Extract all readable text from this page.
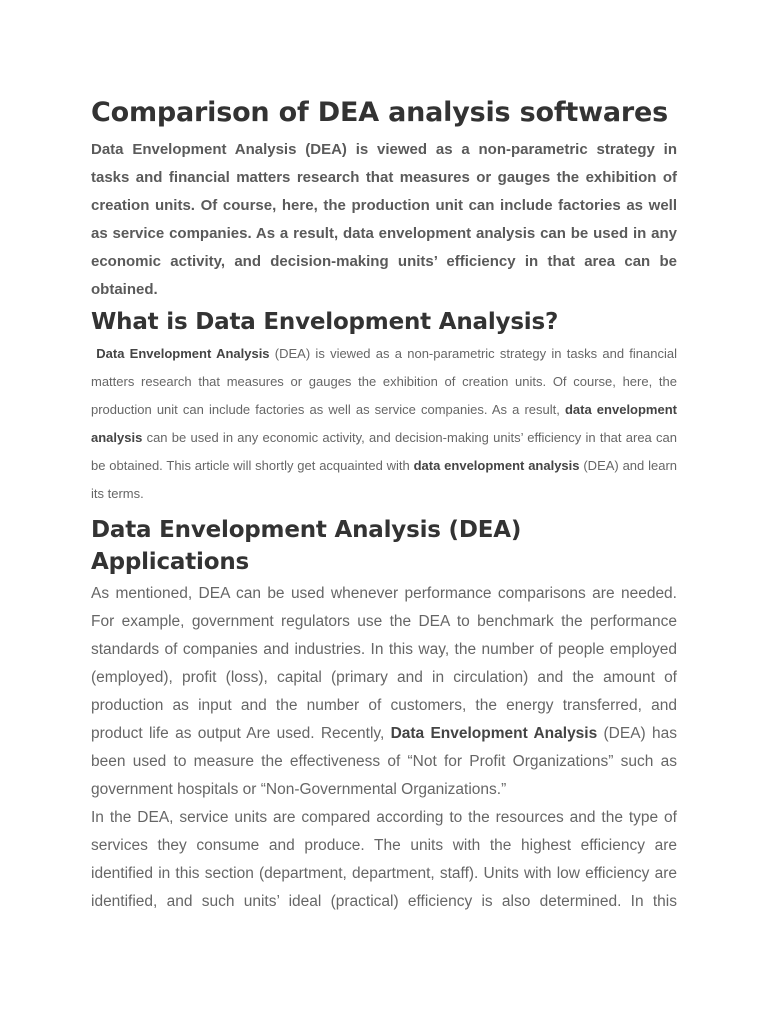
Comparison of DEA analysis softwares

Data Envelopment Analysis (DEA) is viewed as a non-parametric strategy in tasks and financial matters research that measures or gauges the exhibition of creation units. Of course, here, the production unit can include factories as well as service companies. As a result, data envelopment analysis can be used in any economic activity, and decision-making units’ efficiency in that area can be obtained.

What is Data Envelopment Analysis?

Data Envelopment Analysis (DEA) is viewed as a non-parametric strategy in tasks and financial matters research that measures or gauges the exhibition of creation units. Of course, here, the production unit can include factories as well as service companies. As a result, data envelopment analysis can be used in any economic activity, and decision-making units’ efficiency in that area can be obtained. This article will shortly get acquainted with data envelopment analysis (DEA) and learn its terms.

Data Envelopment Analysis (DEA) Applications

As mentioned, DEA can be used whenever performance comparisons are needed. For example, government regulators use the DEA to benchmark the performance standards of companies and industries. In this way, the number of people employed (employed), profit (loss), capital (primary and in circulation) and the amount of production as input and the number of customers, the energy transferred, and product life as output Are used. Recently, Data Envelopment Analysis (DEA) has been used to measure the effectiveness of “Not for Profit Organizations” such as government hospitals or “Non-Governmental Organizations.”

In the DEA, service units are compared according to the resources and the type of services they consume and produce. The units with the highest efficiency are identified in this section (department, department, staff). Units with low efficiency are identified, and such units’ ideal (practical) efficiency is also determined. In this
